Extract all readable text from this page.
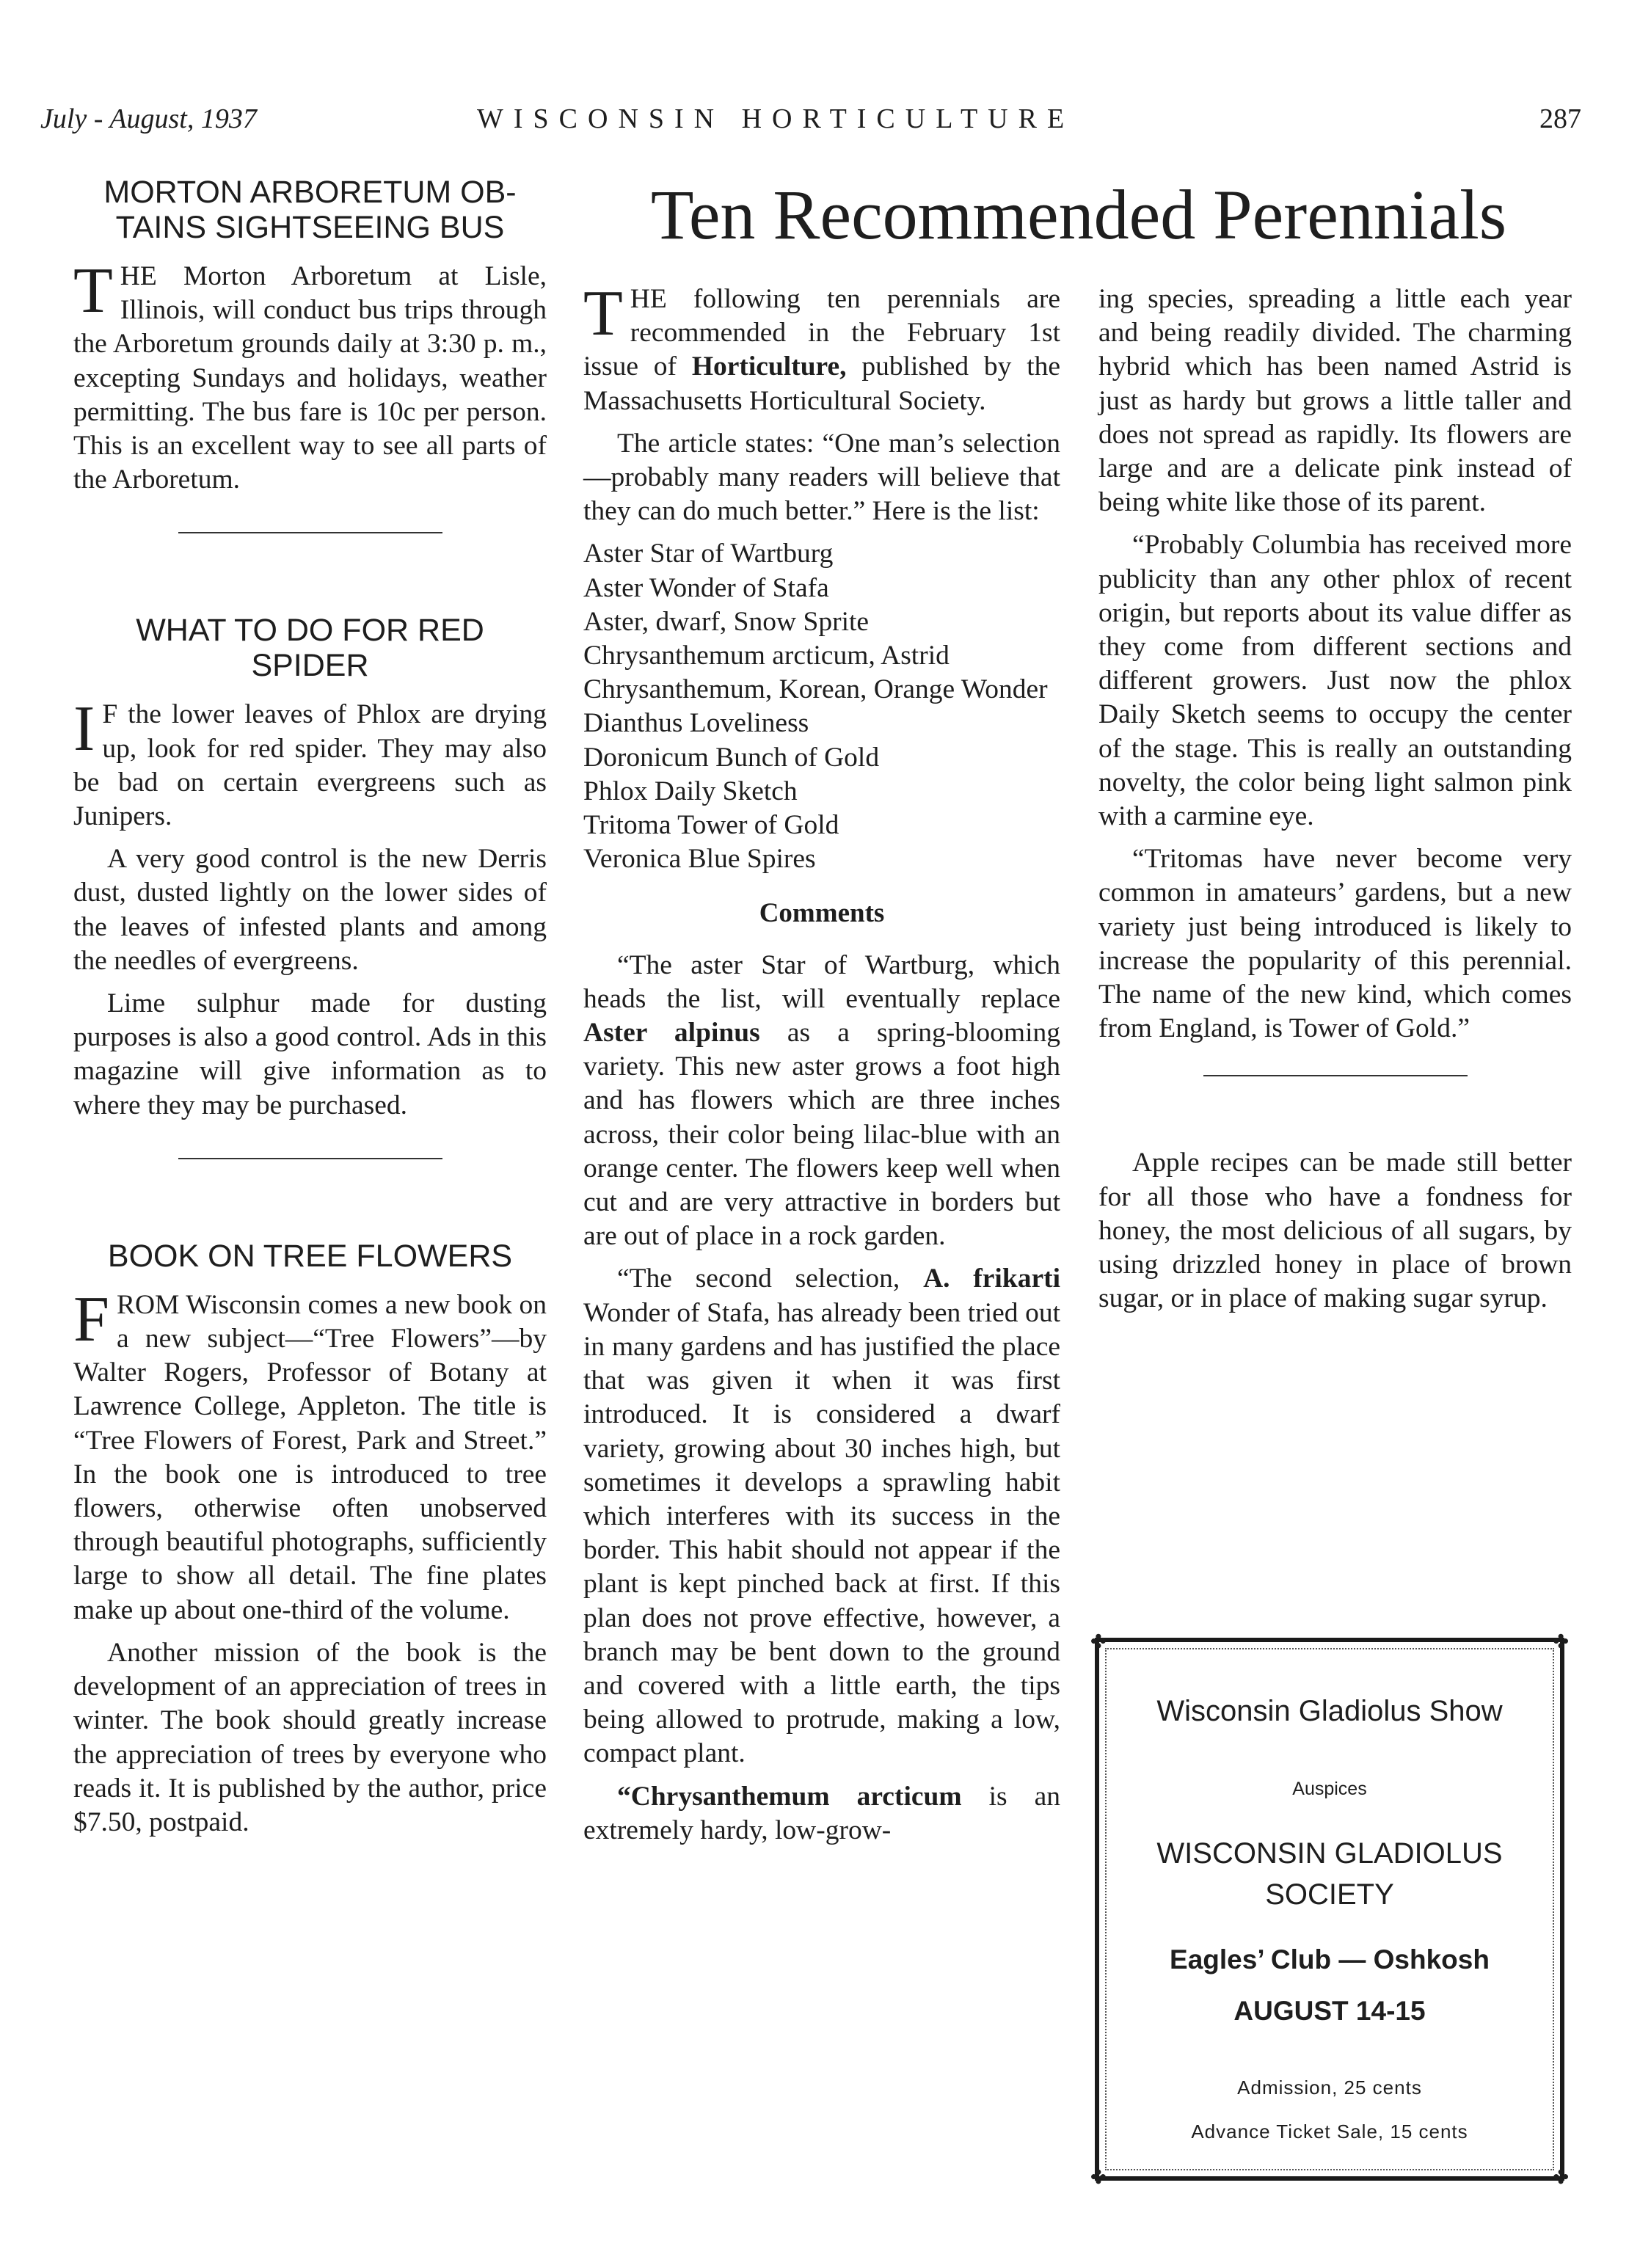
July - August, 1937	WISCONSIN HORTICULTURE	287
MORTON ARBORETUM OB- TAINS SIGHTSEEING BUS

THE Morton Arboretum at Lisle, Illinois, will conduct bus trips through the Arboretum grounds daily at 3:30 p. m., excepting Sundays and holidays, weather permitting. The bus fare is 10c per person. This is an excellent way to see all parts of the Arboretum.

WHAT TO DO FOR RED SPIDER

I F the lower leaves of Phlox are drying up, look for red spider. They may also be bad on certain evergreens such as Junipers.

A very good control is the new Derris dust, dusted lightly on the lower sides of the leaves of infested plants and among the needles of evergreens.

Lime sulphur made for dusting purposes is also a good control. Ads in this magazine will give information as to where they may be purchased.

BOOK ON TREE FLOWERS

FROM Wisconsin comes a new book on a new subject—“Tree Flowers”—by Walter Rogers, Professor of Botany at Lawrence College, Appleton. The title is “Tree Flowers of Forest, Park and Street.” In the book one is introduced to tree flowers, otherwise often unobserved through beautiful photographs, sufficiently large to show all detail. The fine plates make up about one-third of the volume.

Another mission of the book is the development of an appreciation of trees in winter. The book should greatly increase the appreciation of trees by everyone who reads it. It is published by the author, price $7.50, postpaid.

Ten Recommended Perennials

THE following ten perennials are recommended in the February 1st issue of Horticulture, published by the Massachusetts Horticultural Society.

The article states: “One man’s selection—probably many readers will believe that they can do much better.” Here is the list:

Aster Star of Wartburg
Aster Wonder of Stafa
Aster, dwarf, Snow Sprite
Chrysanthemum arcticum, Astrid
Chrysanthemum, Korean, Orange Wonder
Dianthus Loveliness
Doronicum Bunch of Gold
Phlox Daily Sketch
Tritoma Tower of Gold
Veronica Blue Spires
Comments

“The aster Star of Wartburg, which heads the list, will eventually replace Aster alpinus as a spring-blooming variety. This new aster grows a foot high and has flowers which are three inches across, their color being lilac-blue with an orange center. The flowers keep well when cut and are very attractive in borders but are out of place in a rock garden.

“The second selection, A. frikarti Wonder of Stafa, has already been tried out in many gardens and has justified the place that was given it when it was first introduced. It is considered a dwarf variety, growing about 30 inches high, but sometimes it develops a sprawling habit which interferes with its success in the border. This habit should not appear if the plant is kept pinched back at first. If this plan does not prove effective, however, a branch may be bent down to the ground and covered with a little earth, the tips being allowed to protrude, making a low, compact plant.

“Chrysanthemum arcticum is an extremely hardy, low-grow-

ing species, spreading a little each year and being readily divided. The charming hybrid which has been named Astrid is just as hardy but grows a little taller and does not spread as rapidly. Its flowers are large and are a delicate pink instead of being white like those of its parent.

“Probably Columbia has received more publicity than any other phlox of recent origin, but reports about its value differ as they come from different sections and different growers. Just now the phlox Daily Sketch seems to occupy the center of the stage. This is really an outstanding novelty, the color being light salmon pink with a carmine eye.

“Tritomas have never become very common in amateurs’ gardens, but a new variety just being introduced is likely to increase the popularity of this perennial. The name of the new kind, which comes from England, is Tower of Gold.”

Apple recipes can be made still better for all those who have a fondness for honey, the most delicious of all sugars, by using drizzled honey in place of brown sugar, or in place of making sugar syrup.

✤	✤
✤	✤
Wisconsin Gladiolus Show
Auspices
WISCONSIN GLADIOLUS SOCIETY
Eagles’ Club — Oshkosh
AUGUST 14-15
Admission, 25 cents
Advance Ticket Sale, 15 cents
